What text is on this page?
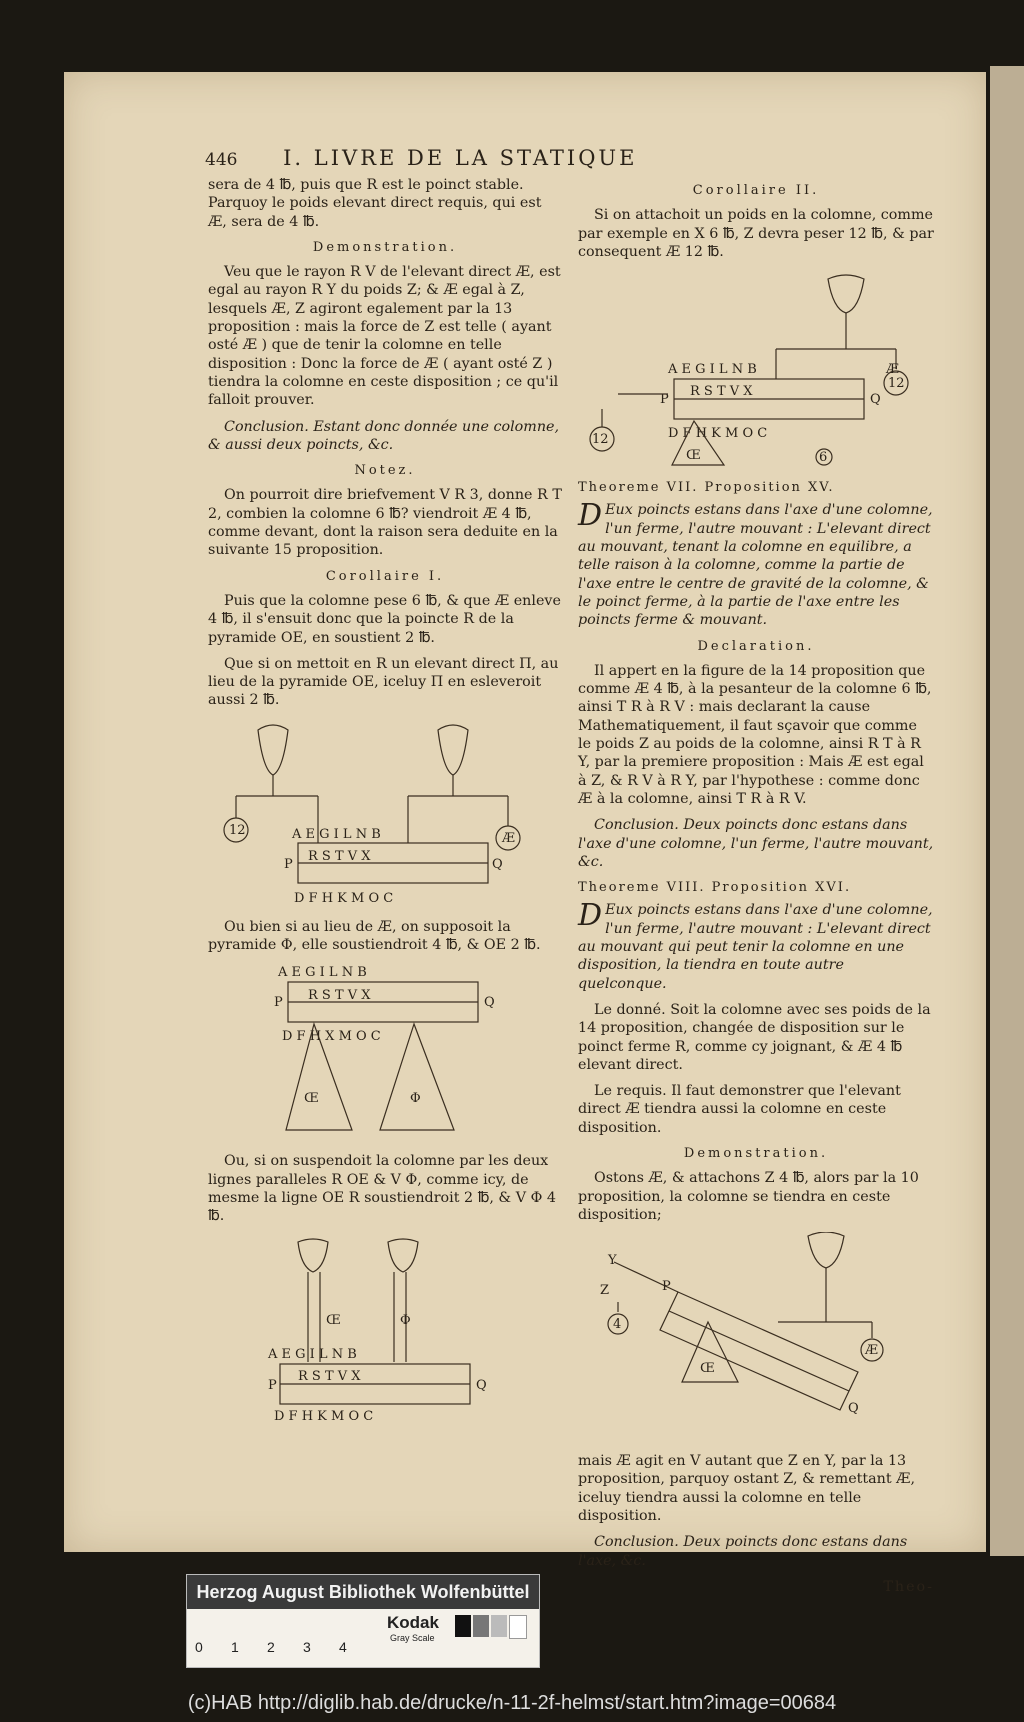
446 I. LIVRE DE LA STATIQUE

sera de 4 ℔, puis que R est le poinct stable. Parquoy le poids elevant direct requis, qui est Æ, sera de 4 ℔.

Demonstration.

Veu que le rayon R V de l'elevant direct Æ, est egal au rayon R Y du poids Z; & Æ egal à Z, lesquels Æ, Z agiront egalement par la 13 proposition : mais la force de Z est telle ( ayant osté Æ ) que de tenir la colomne en telle disposition : Donc la force de Æ ( ayant osté Z ) tiendra la colomne en ceste disposition ; ce qu'il falloit prouver.

Conclusion. Estant donc donnée une colomne, & aussi deux poincts, &c.

Notez.

On pourroit dire briefvement V R 3, donne R T 2, combien la colomne 6 ℔? viendroit Æ 4 ℔, comme devant, dont la raison sera deduite en la suivante 15 proposition.

Corollaire I.

Puis que la colomne pese 6 ℔, & que Æ enleve 4 ℔, il s'ensuit donc que la poincte R de la pyramide OE, en soustient 2 ℔.

Que si on mettoit en R un elevant direct Π, au lieu de la pyramide OE, iceluy Π en esleveroit aussi 2 ℔.

A E G I L N B
R S T V X
D F H K M O C
P	Q
12
Æ

Ou bien si au lieu de Æ, on supposoit la pyramide Φ, elle soustiendroit 4 ℔, & OE 2 ℔.

A E G I L N B
R S T V X
P	Q
D F H X M O C
Œ	Φ

Ou, si on suspendoit la colomne par les deux lignes paralleles R OE & V Φ, comme icy, de mesme la ligne OE R soustiendroit 2 ℔, & V Φ 4 ℔.

Œ	Φ
A E G I L N B
R S T V X
P	Q
D F H K M O C
Corollaire II.

Si on attachoit un poids en la colomne, comme par exemple en X 6 ℔, Z devra peser 12 ℔, & par consequent Æ 12 ℔.

12
A E G I L N B	Æ
R S T V X
P	Q
12	D F H K M O C
Œ	6
Theoreme VII. Proposition XV.

D Eux poincts estans dans l'axe d'une colomne, l'un ferme, l'autre mouvant : L'elevant direct au mouvant, tenant la colomne en equilibre, a telle raison à la colomne, comme la partie de l'axe entre le centre de gravité de la colomne, & le poinct ferme, à la partie de l'axe entre les poincts ferme & mouvant.

Declaration.

Il appert en la figure de la 14 proposition que comme Æ 4 ℔, à la pesanteur de la colomne 6 ℔, ainsi T R à R V : mais declarant la cause Mathematiquement, il faut sçavoir que comme le poids Z au poids de la colomne, ainsi R T à R Y, par la premiere proposition : Mais Æ est egal à Z, & R V à R Y, par l'hypothese : comme donc Æ à la colomne, ainsi T R à R V.

Conclusion. Deux poincts donc estans dans l'axe d'une colomne, l'un ferme, l'autre mouvant, &c.

Theoreme VIII. Proposition XVI.

D Eux poincts estans dans l'axe d'une colomne, l'un ferme, l'autre mouvant : L'elevant direct au mouvant qui peut tenir la colomne en une disposition, la tiendra en toute autre quelconque.

Le donné. Soit la colomne avec ses poids de la 14 proposition, changée de disposition sur le poinct ferme R, comme cy joignant, & Æ 4 ℔ elevant direct.

Le requis. Il faut demonstrer que l'elevant direct Æ tiendra aussi la colomne en ceste disposition.

Demonstration.

Ostons Æ, & attachons Z 4 ℔, alors par la 10 proposition, la colomne se tiendra en ceste disposition;

Æ
Y
Z
4
Œ
Q
P

mais Æ agit en V autant que Z en Y, par la 13 proposition, parquoy ostant Z, & remettant Æ, iceluy tiendra aussi la colomne en telle disposition.

Conclusion. Deux poincts donc estans dans l'axe, &c.

Theo-
Herzog August Bibliothek Wolfenbüttel
Kodak
Gray Scale
0 1 2 3 4
(c)HAB http://diglib.hab.de/drucke/n-11-2f-helmst/start.htm?image=00684
